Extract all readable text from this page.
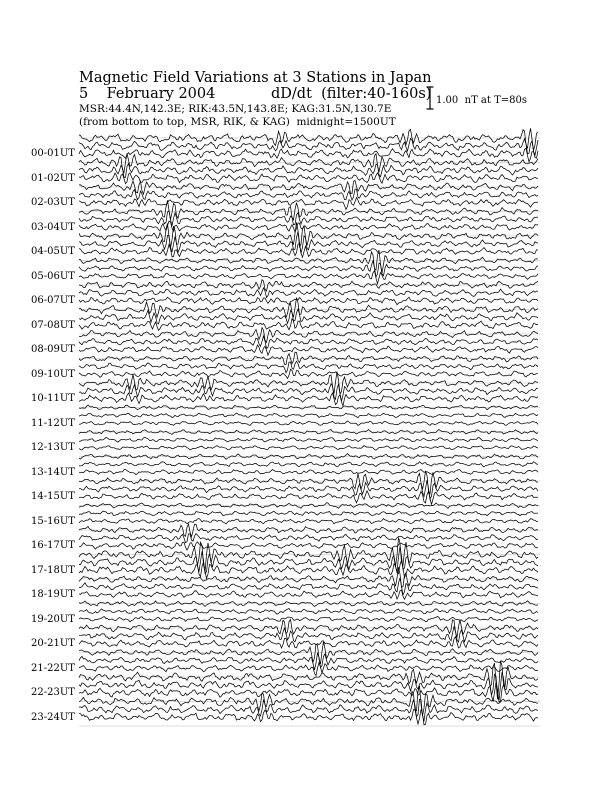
Magnetic Field Variations at 3 Stations in Japan

5    February 2004

	dD/dt  (filter:40-160s)

MSR:44.4N,142.3E; RIK:43.5N,143.8E; KAG:31.5N,130.7E
(from bottom to top, MSR, RIK, & KAG)  midnight=1500UT
1.00  nT at T=80s
00-01UT
01-02UT
02-03UT
03-04UT
04-05UT
05-06UT
06-07UT
07-08UT
08-09UT
09-10UT
10-11UT
11-12UT
12-13UT
13-14UT
14-15UT
15-16UT
16-17UT
17-18UT
18-19UT
19-20UT
20-21UT
21-22UT
22-23UT
23-24UT
